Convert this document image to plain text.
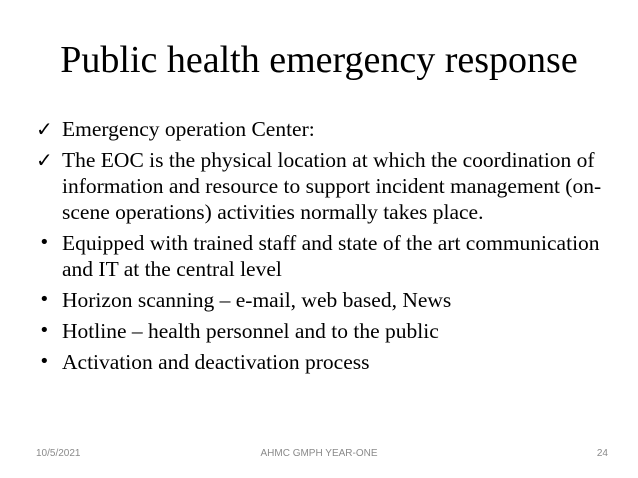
Public health emergency response
✓ Emergency operation Center:
✓ The EOC is the physical location at which the coordination of information and resource to support incident management (on-scene operations) activities normally takes place.
• Equipped with trained staff and state of the art communication and IT at the central level
• Horizon scanning – e-mail, web based, News
• Hotline – health personnel and to the public
• Activation and deactivation process
10/5/2021	AHMC GMPH YEAR-ONE	24
